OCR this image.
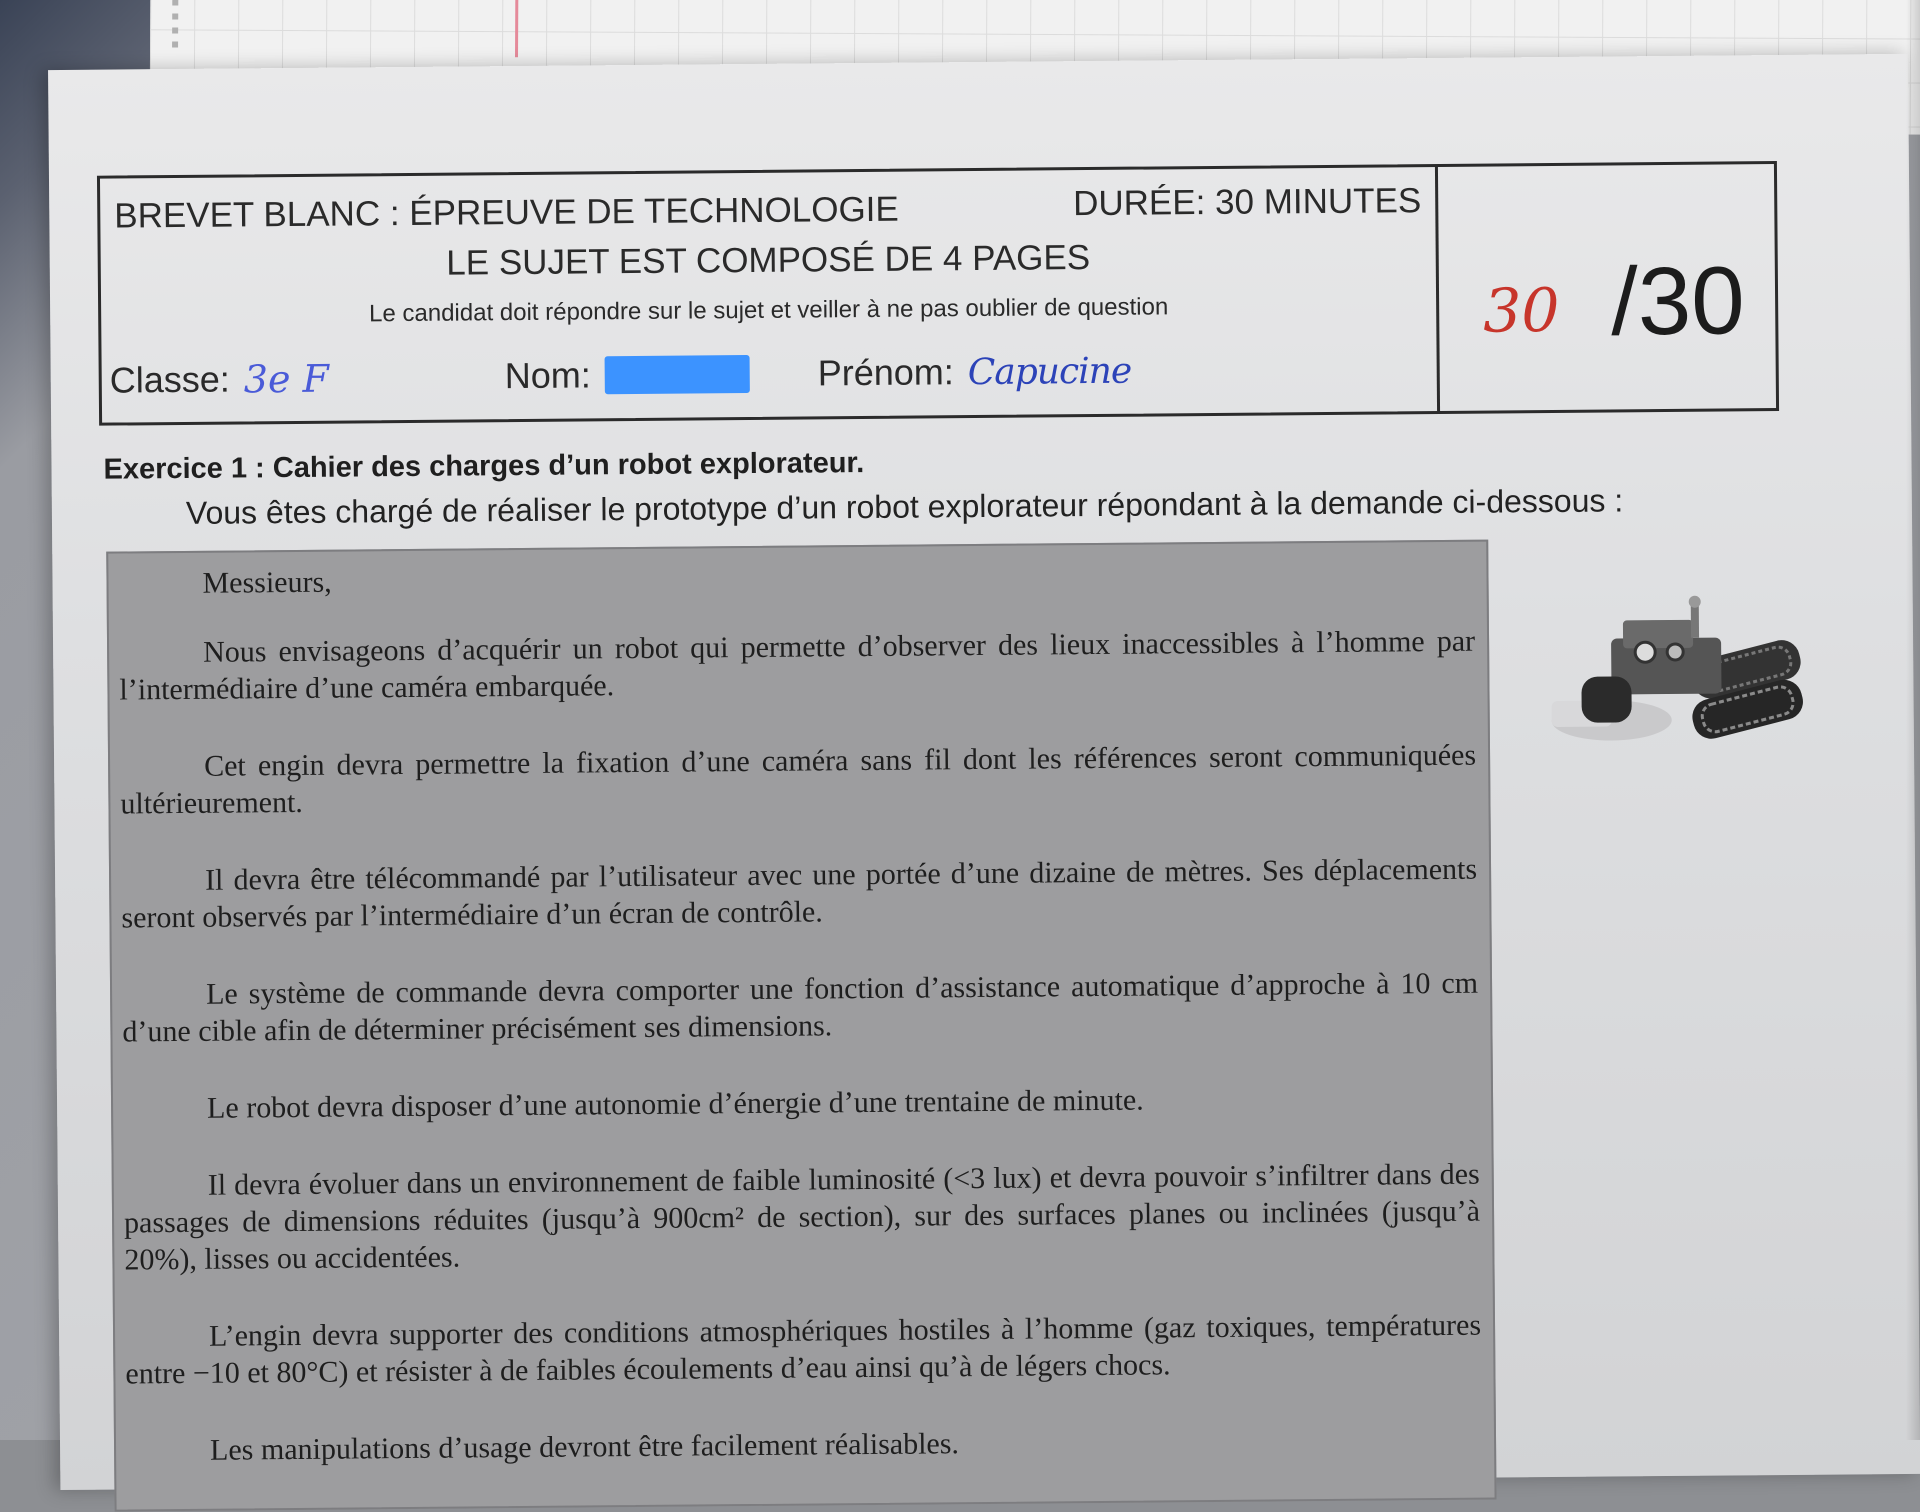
BREVET BLANC : ÉPREUVE DE TECHNOLOGIE	DURÉE: 30 MINUTES
LE SUJET EST COMPOSÉ DE 4 PAGES
Le candidat doit répondre sur le sujet et veiller à ne pas oublier de question
Classe: 3e F	Nom:	Prénom: Capucine
30 /30
Exercice 1 : Cahier des charges d’un robot explorateur.
Vous êtes chargé de réaliser le prototype d’un robot explorateur répondant à la demande ci-dessous :

Messieurs,

Nous envisageons d’acquérir un robot qui permette d’observer des lieux inaccessibles à l’homme par l’intermédiaire d’une caméra embarquée.

Cet engin devra permettre la fixation d’une caméra sans fil dont les références seront communiquées ultérieurement.

Il devra être télécommandé par l’utilisateur avec une portée d’une dizaine de mètres. Ses déplacements seront observés par l’intermédiaire d’un écran de contrôle.

Le système de commande devra comporter une fonction d’assistance automatique d’approche à 10 cm d’une cible afin de déterminer précisément ses dimensions.

Le robot devra disposer d’une autonomie d’énergie d’une trentaine de minute.

Il devra évoluer dans un environnement de faible luminosité (<3 lux) et devra pouvoir s’infiltrer dans des passages de dimensions réduites (jusqu’à 900cm² de section), sur des surfaces planes ou inclinées (jusqu’à 20%), lisses ou accidentées.

L’engin devra supporter des conditions atmosphériques hostiles à l’homme (gaz toxiques, températures entre −10 et 80°C) et résister à de faibles écoulements d’eau ainsi qu’à de légers chocs.

Les manipulations d’usage devront être facilement réalisables.
